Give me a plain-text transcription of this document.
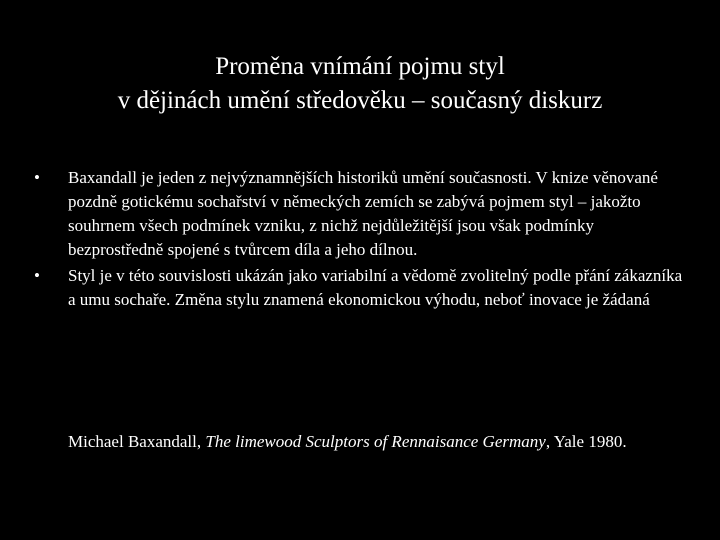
Proměna vnímání pojmu styl
v dějinách umění středověku – současný diskurz
•	Baxandall je jeden z nejvýznamnějších historiků umění současnosti. V knize věnované pozdně gotickému sochařství v německých zemích se zabývá pojmem styl – jakožto souhrnem všech podmínek vzniku, z nichž nejdůležitější jsou však podmínky bezprostředně spojené s tvůrcem díla a jeho dílnou.
•	Styl je v této souvislosti ukázán jako variabilní a vědomě zvolitelný podle přání zákazníka a umu sochaře. Změna stylu znamená ekonomickou výhodu, neboť inovace je žádaná
Michael Baxandall, The limewood Sculptors of Rennaisance Germany, Yale 1980.
